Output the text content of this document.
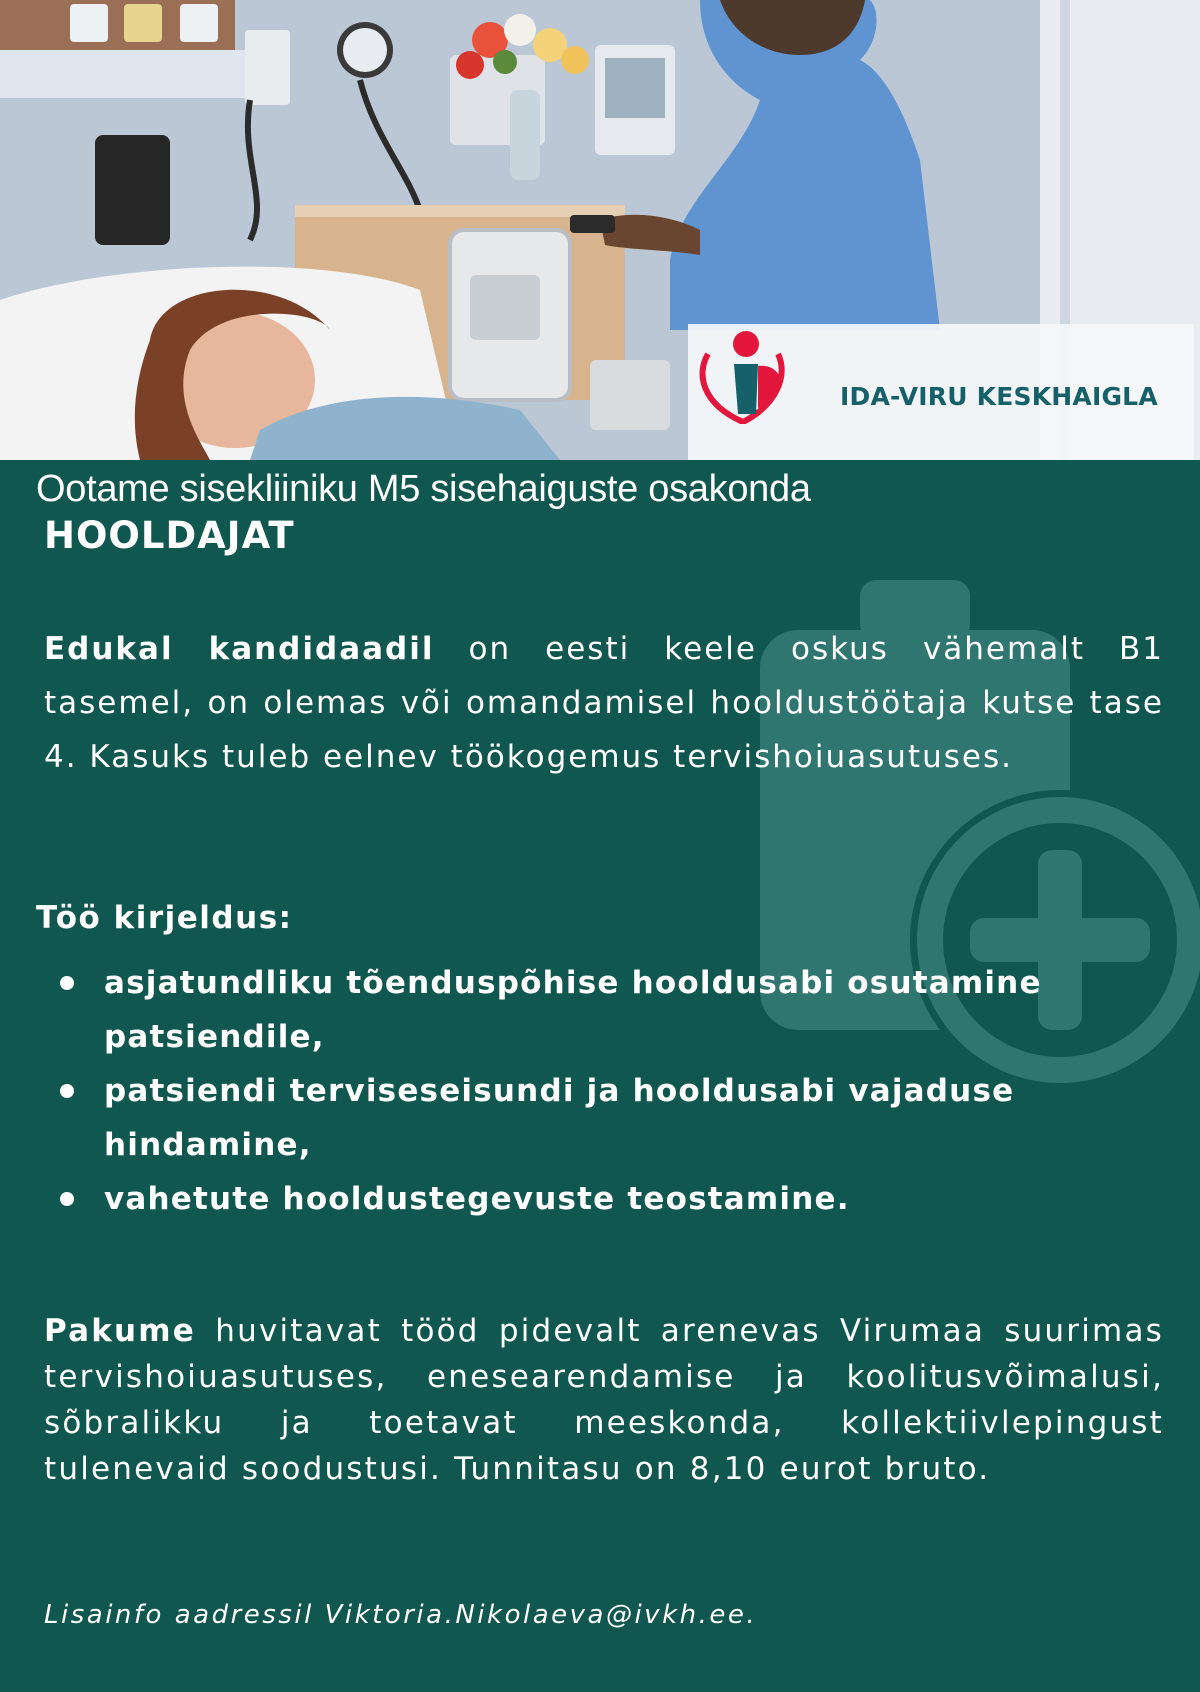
IDA-VIRU KESKHAIGLA
Ootame sisekliiniku M5 sisehaiguste osakonda
HOOLDAJAT
Edukal kandidaadil on eesti keele oskus vähemalt B1 tasemel, on olemas või omandamisel hooldustöötaja kutse tase 4. Kasuks tuleb eelnev töökogemus tervishoiuasutuses.
Töö kirjeldus:
asjatundliku tõenduspõhise hooldusabi osutamine patsiendile,
patsiendi terviseseisundi ja hooldusabi vajaduse hindamine,
vahetute hooldustegevuste teostamine.
Pakume huvitavat tööd pidevalt arenevas Virumaa suurimas tervishoiuasutuses, enesearendamise ja koolitusvõimalusi, sõbralikku ja toetavat meeskonda, kollektiivlepingust tulenevaid soodustusi. Tunnitasu on 8,10 eurot bruto.
Lisainfo aadressil Viktoria.Nikolaeva@ivkh.ee.
